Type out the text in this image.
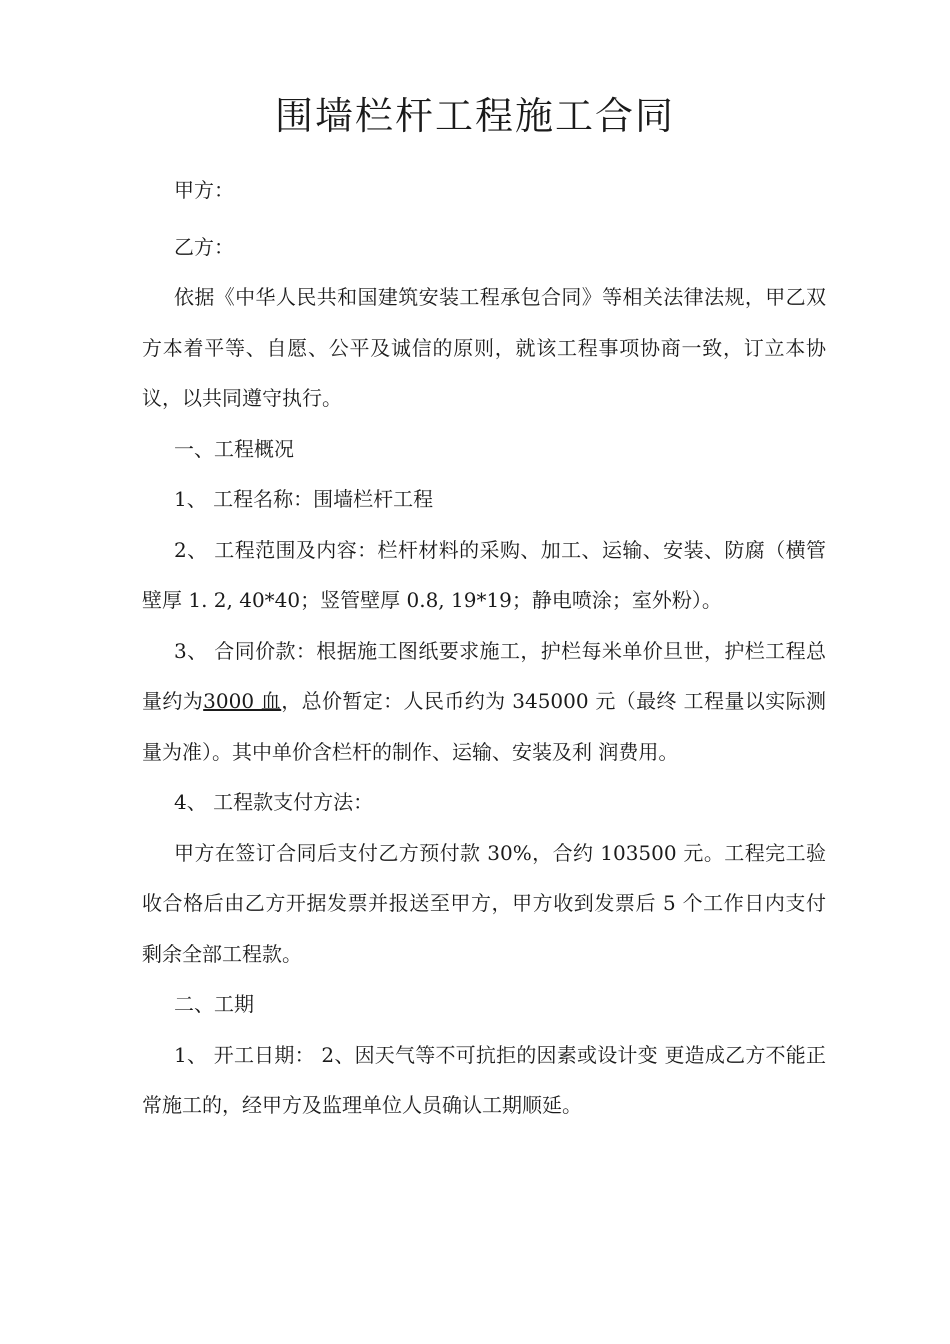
围墙栏杆工程施工合同

甲方：

乙方：

依据《中华人民共和国建筑安装工程承包合同》等相关法律法规，甲乙双方本着平等、自愿、公平及诚信的原则，就该工程事项协商一致，订立本协议，以共同遵守执行。

一、工程概况

1、 工程名称：围墙栏杆工程

2、 工程范围及内容：栏杆材料的采购、加工、运输、安装、防腐（横管壁厚 1. 2, 40*40；竖管壁厚 0.8, 19*19；静电喷涂；室外粉）。

3、 合同价款：根据施工图纸要求施工，护栏每米单价旦世，护栏工程总量约为3000 血，总价暂定：人民币约为 345000 元（最终 工程量以实际测量为准）。其中单价含栏杆的制作、运输、安装及利 润费用。

4、 工程款支付方法：

甲方在签订合同后支付乙方预付款 30%，合约 103500 元。工程完工验收合格后由乙方开据发票并报送至甲方，甲方收到发票后 5 个工作日内支付剩余全部工程款。

二、工期

1、 开工日期： 2、因天气等不可抗拒的因素或设计变 更造成乙方不能正常施工的，经甲方及监理单位人员确认工期顺延。
